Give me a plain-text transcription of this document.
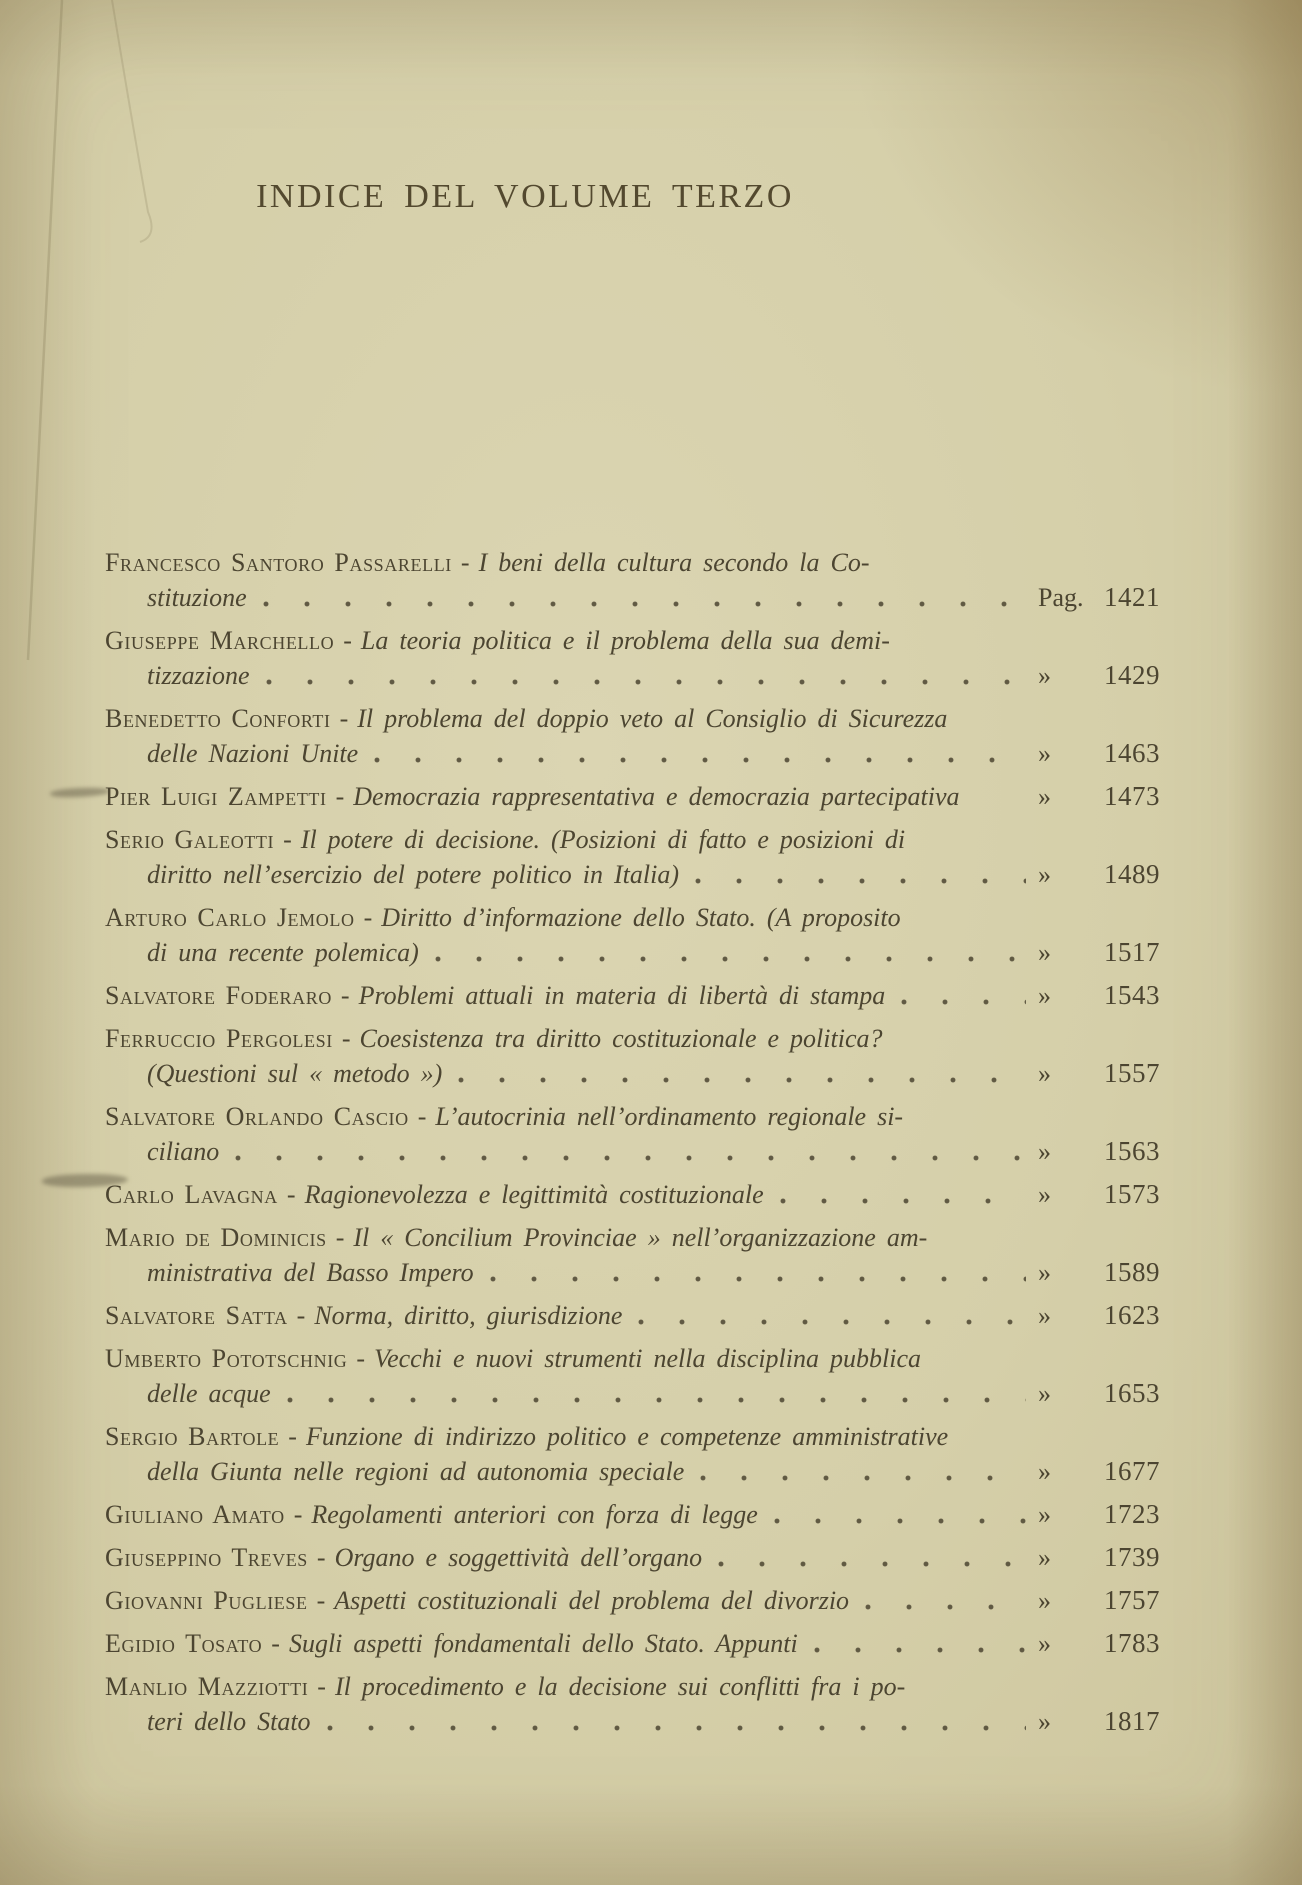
INDICE DEL VOLUME TERZO
Francesco Santoro Passarelli - I beni della cultura secondo la Co-
stituzione	Pag. 1421
Giuseppe Marchello - La teoria politica e il problema della sua demi-
tizzazione	»	1429
Benedetto Conforti - Il problema del doppio veto al Consiglio di Sicurezza
delle Nazioni Unite	»	1463
Pier Luigi Zampetti - Democrazia rappresentativa e democrazia partecipativa	»	1473
Serio Galeotti - Il potere di decisione. (Posizioni di fatto e posizioni di
diritto nell’esercizio del potere politico in Italia)	»	1489
Arturo Carlo Jemolo - Diritto d’informazione dello Stato. (A proposito
di una recente polemica)	»	1517
Salvatore Foderaro - Problemi attuali in materia di libertà di stampa	»	1543
Ferruccio Pergolesi - Coesistenza tra diritto costituzionale e politica?
(Questioni sul « metodo »)	»	1557
Salvatore Orlando Cascio - L’autocrinia nell’ordinamento regionale si-
ciliano	»	1563
Carlo Lavagna - Ragionevolezza e legittimità costituzionale	»	1573
Mario de Dominicis - Il « Concilium Provinciae » nell’organizzazione am-
ministrativa del Basso Impero	»	1589
Salvatore Satta - Norma, diritto, giurisdizione	»	1623
Umberto Pototschnig - Vecchi e nuovi strumenti nella disciplina pubblica
delle acque	»	1653
Sergio Bartole - Funzione di indirizzo politico e competenze amministrative
della Giunta nelle regioni ad autonomia speciale	»	1677
Giuliano Amato - Regolamenti anteriori con forza di legge	»	1723
Giuseppino Treves - Organo e soggettività dell’organo	»	1739
Giovanni Pugliese - Aspetti costituzionali del problema del divorzio	»	1757
Egidio Tosato - Sugli aspetti fondamentali dello Stato. Appunti	»	1783
Manlio Mazziotti - Il procedimento e la decisione sui conflitti fra i po-
teri dello Stato	»	1817
